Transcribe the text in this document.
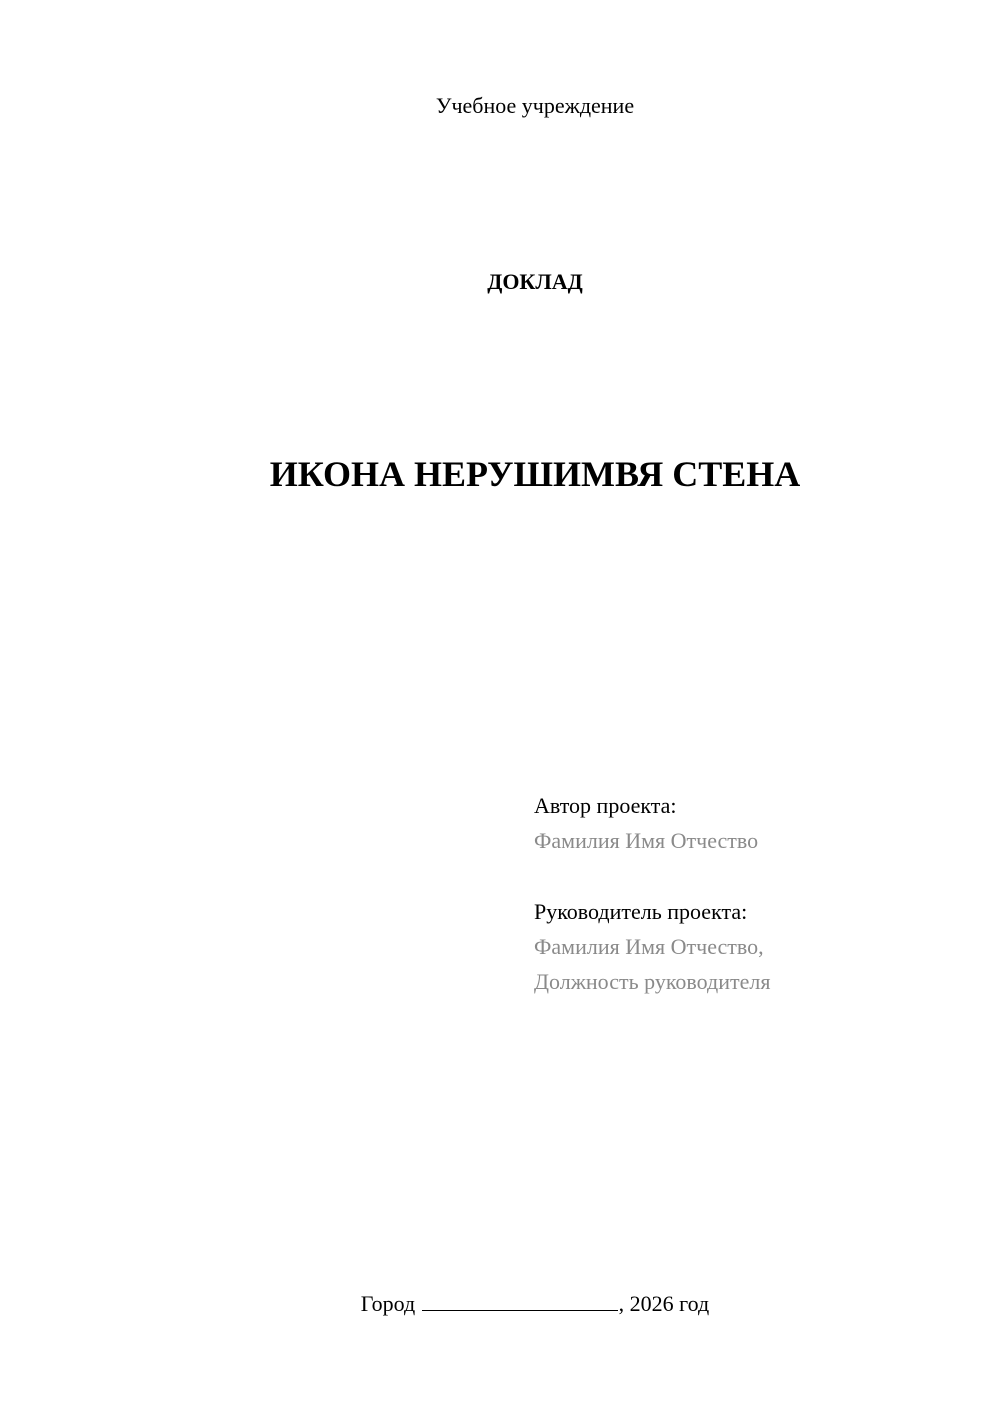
Учебное учреждение
ДОКЛАД
ИКОНА НЕРУШИМВЯ СТЕНА
Автор проекта:
Фамилия Имя Отчество
Руководитель проекта:
Фамилия Имя Отчество,
Должность руководителя
Город	, 2026 год
